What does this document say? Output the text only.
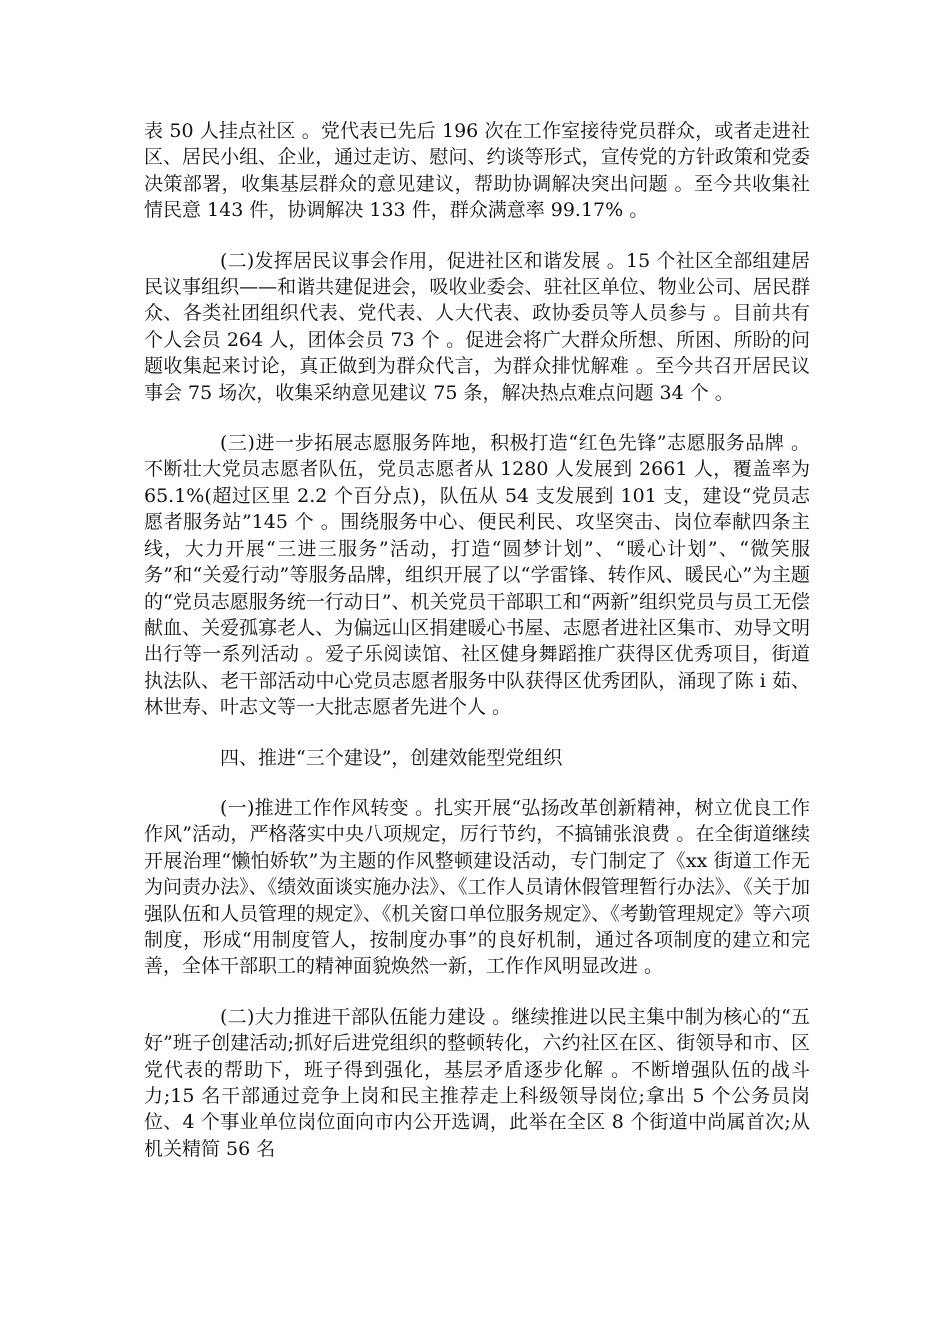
表 50 人挂点社区 。党代表已先后 196 次在工作室接待党员群众，或者走进社区、居民小组、企业，通过走访、慰问、约谈等形式，宣传党的方针政策和党委决策部署，收集基层群众的意见建议，帮助协调解决突出问题 。至今共收集社情民意 143 件，协调解决 133 件，群众满意率 99.17% 。

(二)发挥居民议事会作用，促进社区和谐发展 。15 个社区全部组建居民议事组织——和谐共建促进会，吸收业委会、驻社区单位、物业公司、居民群众、各类社团组织代表、党代表、人大代表、政协委员等人员参与 。目前共有个人会员 264 人，团体会员 73 个 。促进会将广大群众所想、所困、所盼的问题收集起来讨论，真正做到为群众代言，为群众排忧解难 。至今共召开居民议事会 75 场次，收集采纳意见建议 75 条，解决热点难点问题 34 个 。

(三)进一步拓展志愿服务阵地，积极打造“红色先锋”志愿服务品牌 。不断壮大党员志愿者队伍，党员志愿者从 1280 人发展到 2661 人，覆盖率为 65.1%(超过区里 2.2 个百分点)，队伍从 54 支发展到 101 支，建设“党员志愿者服务站”145 个 。围绕服务中心、便民利民、攻坚突击、岗位奉献四条主线，大力开展“三进三服务”活动，打造“圆梦计划”、“暖心计划”、“微笑服务”和“关爱行动”等服务品牌，组织开展了以“学雷锋、转作风、暖民心”为主题的“党员志愿服务统一行动日”、机关党员干部职工和“两新”组织党员与员工无偿献血、关爱孤寡老人、为偏远山区捐建暖心书屋、志愿者进社区集市、劝导文明出行等一系列活动 。爱子乐阅读馆、社区健身舞蹈推广获得区优秀项目，街道执法队、老干部活动中心党员志愿者服务中队获得区优秀团队，涌现了陈 i 茹、林世寿、叶志文等一大批志愿者先进个人 。

四、推进“三个建设”，创建效能型党组织

(一)推进工作作风转变 。扎实开展“弘扬改革创新精神，树立优良工作作风”活动，严格落实中央八项规定，厉行节约，不搞铺张浪费 。在全街道继续开展治理“懒怕娇软”为主题的作风整顿建设活动，专门制定了《xx 街道工作无为问责办法》、《绩效面谈实施办法》、《工作人员请休假管理暂行办法》、《关于加强队伍和人员管理的规定》、《机关窗口单位服务规定》、《考勤管理规定》等六项制度，形成“用制度管人，按制度办事”的良好机制，通过各项制度的建立和完善，全体干部职工的精神面貌焕然一新，工作作风明显改进 。

(二)大力推进干部队伍能力建设 。继续推进以民主集中制为核心的“五好”班子创建活动;抓好后进党组织的整顿转化，六约社区在区、街领导和市、区党代表的帮助下，班子得到强化，基层矛盾逐步化解 。不断增强队伍的战斗力;15 名干部通过竞争上岗和民主推荐走上科级领导岗位;拿出 5 个公务员岗位、4 个事业单位岗位面向市内公开选调，此举在全区 8 个街道中尚属首次;从机关精简 56 名
